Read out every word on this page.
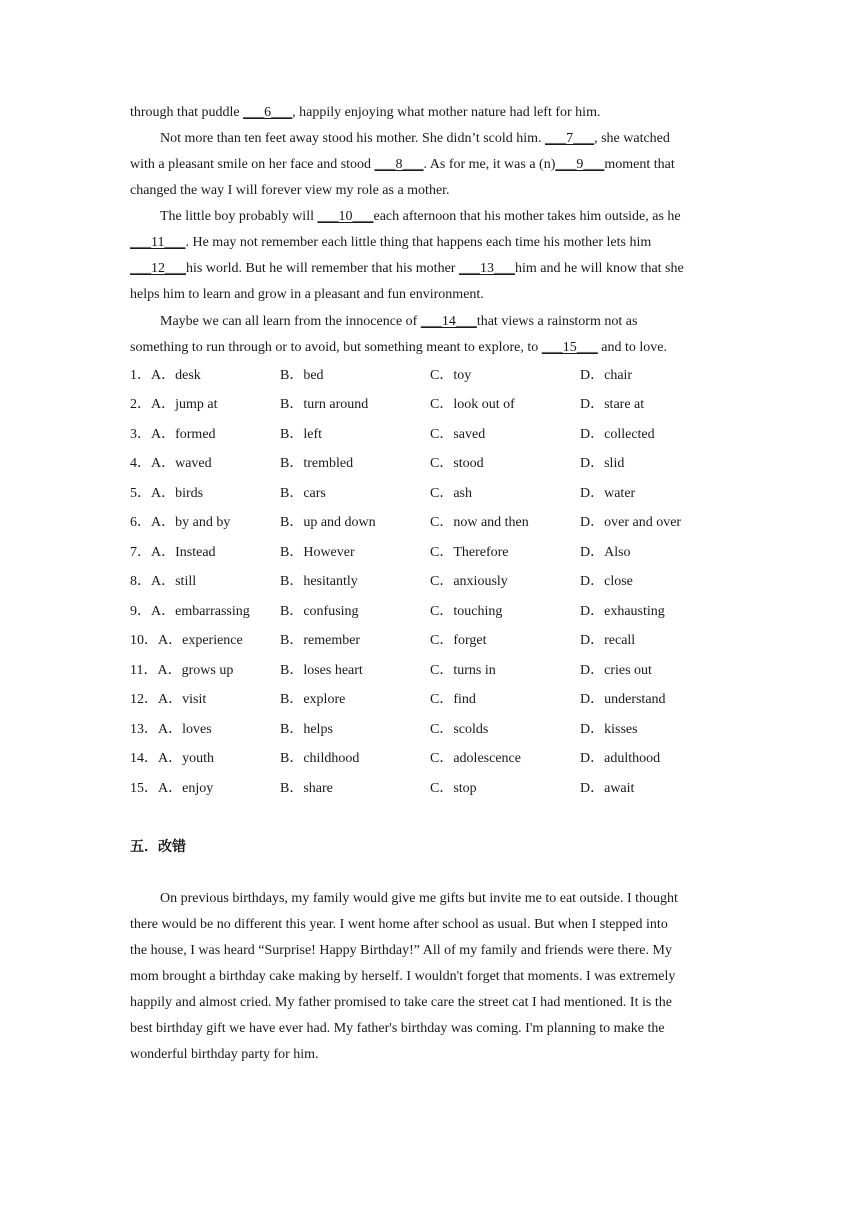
through that puddle ___6___, happily enjoying what mother nature had left for him.
Not more than ten feet away stood his mother. She didn’t scold him. ___7___, she watched
with a pleasant smile on her face and stood ___8___. As for me, it was a (n)___9___moment that
changed the way I will forever view my role as a mother.
The little boy probably will ___10___each afternoon that his mother takes him outside, as he
___11___. He may not remember each little thing that happens each time his mother lets him
___12___his world. But he will remember that his mother ___13___him and he will know that she
helps him to learn and grow in a pleasant and fun environment.
Maybe we can all learn from the innocence of ___14___that views a rainstorm not as
something to run through or to avoid, but something meant to explore, to ___15___ and to love.
1．A．desk	B．bed	C．toy	D．chair
2．A．jump at	B．turn around	C．look out of	D．stare at
3．A．formed	B．left	C．saved	D．collected
4．A．waved	B．trembled	C．stood	D．slid
5．A．birds	B．cars	C．ash	D．water
6．A．by and by	B．up and down	C．now and then	D．over and over
7．A．Instead	B．However	C．Therefore	D．Also
8．A．still	B．hesitantly	C．anxiously	D．close
9．A．embarrassing B．confusing	C．touching	D．exhausting
10．A．experience	B．remember	C．forget	D．recall
11．A．grows up	B．loses heart	C．turns in	D．cries out
12．A．visit	B．explore	C．find	D．understand
13．A．loves	B．helps	C．scolds	D．kisses
14．A．youth	B．childhood	C．adolescence	D．adulthood
15．A．enjoy	B．share	C．stop	D．await
五．改错
On previous birthdays, my family would give me gifts but invite me to eat outside. I thought
there would be no different this year. I went home after school as usual. But when I stepped into
the house, I was heard “Surprise! Happy Birthday!” All of my family and friends were there. My
mom brought a birthday cake making by herself. I wouldn't forget that moments. I was extremely
happily and almost cried. My father promised to take care the street cat I had mentioned. It is the
best birthday gift we have ever had. My father's birthday was coming. I'm planning to make the
wonderful birthday party for him.
